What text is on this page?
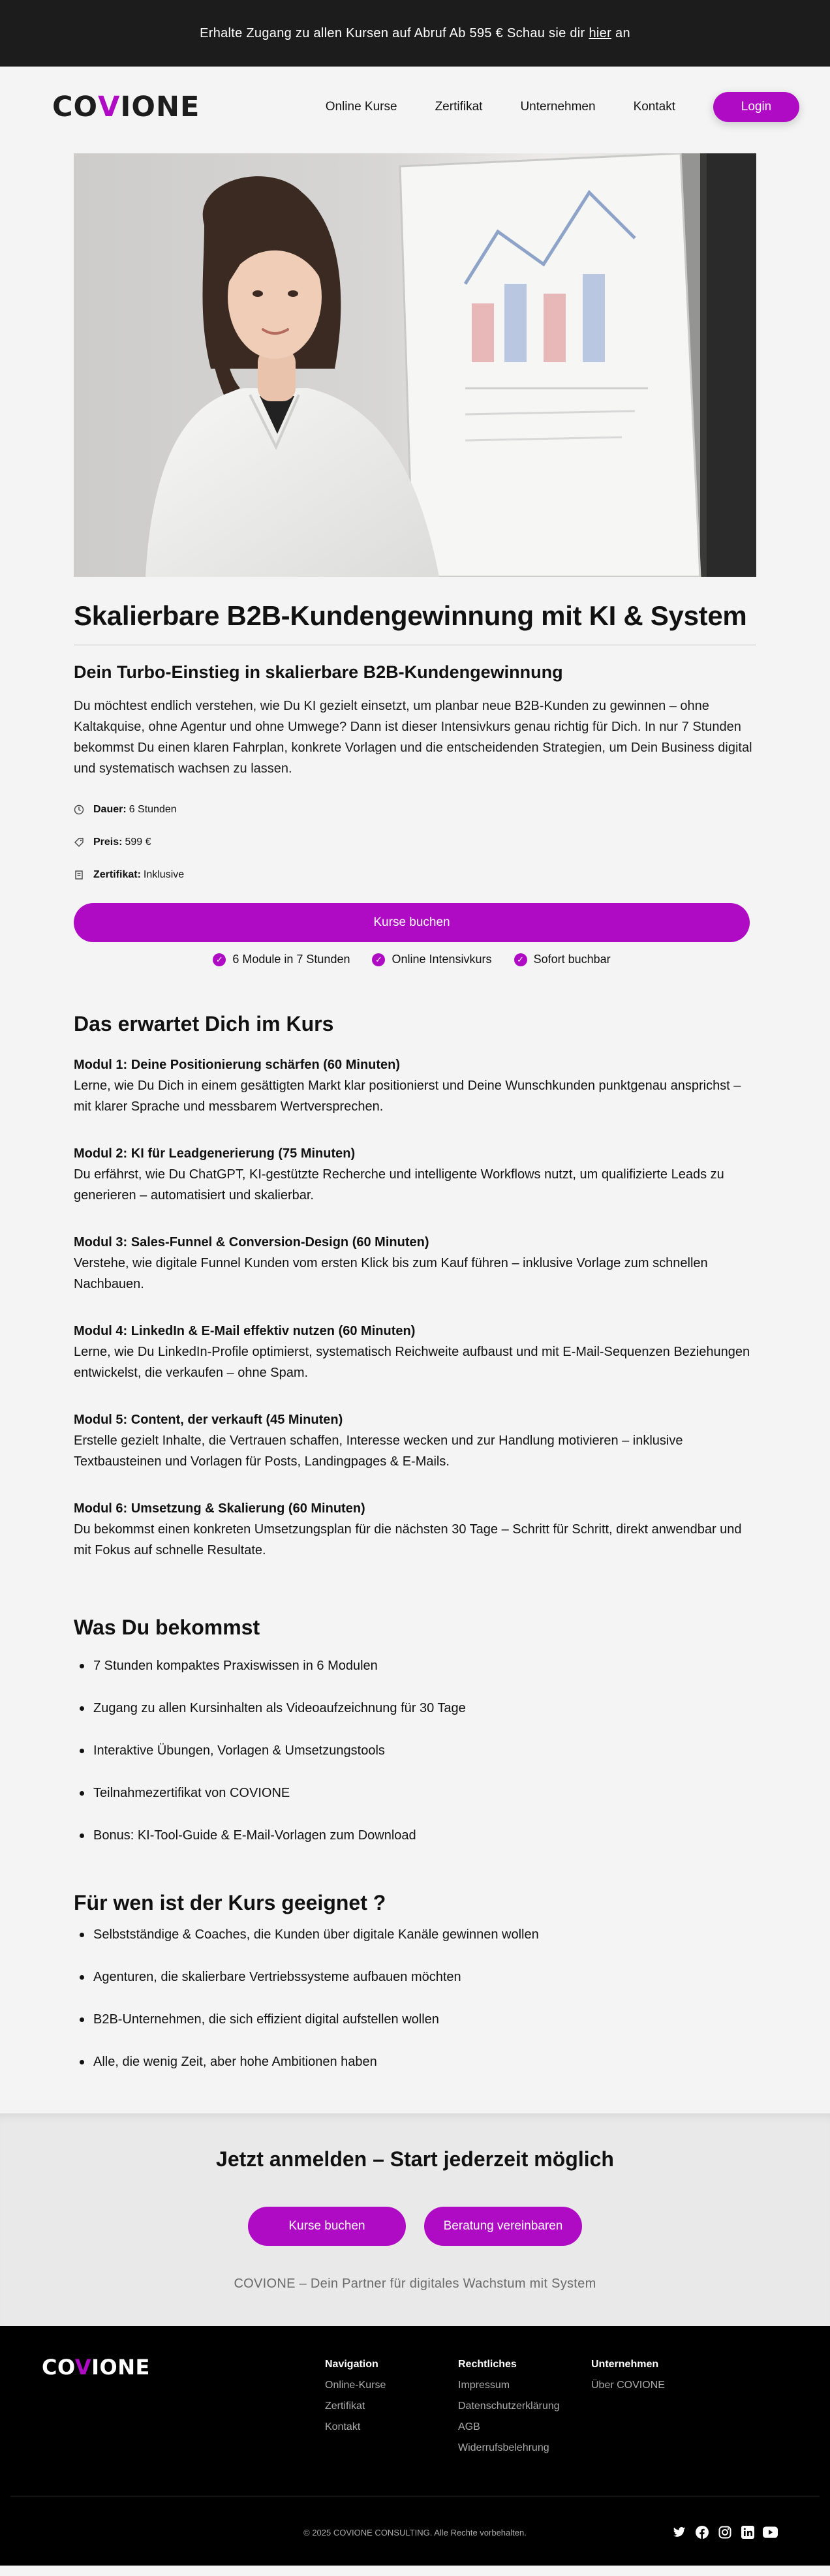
Erhalte Zugang zu allen Kursen auf Abruf Ab 595 € Schau sie dir hier an
CO V IONE	Online Kurse	Zertifikat	Unternehmen	Kontakt	Login
Skalierbare B2B-Kundengewinnung mit KI & System
Dein Turbo-Einstieg in skalierbare B2B-Kundengewinnung

Du möchtest endlich verstehen, wie Du KI gezielt einsetzt, um planbar neue B2B-Kunden zu gewinnen – ohne Kaltakquise, ohne Agentur und ohne Umwege? Dann ist dieser Intensivkurs genau richtig für Dich. In nur 7 Stunden bekommst Du einen klaren Fahrplan, konkrete Vorlagen und die entscheidenden Strategien, um Dein Business digital und systematisch wachsen zu lassen.

Dauer: 6 Stunden
Preis: 599 €
Zertifikat: Inklusive
Kurse buchen
✓ 6 Module in 7 Stunden	✓ Online Intensivkurs	✓ Sofort buchbar
Das erwartet Dich im Kurs
Modul 1: Deine Positionierung schärfen (60 Minuten)
Lerne, wie Du Dich in einem gesättigten Markt klar positionierst und Deine Wunschkunden punktgenau ansprichst – mit klarer Sprache und messbarem Wertversprechen.
Modul 2: KI für Leadgenerierung (75 Minuten)
Du erfährst, wie Du ChatGPT, KI-gestützte Recherche und intelligente Workflows nutzt, um qualifizierte Leads zu generieren – automatisiert und skalierbar.
Modul 3: Sales-Funnel & Conversion-Design (60 Minuten)
Verstehe, wie digitale Funnel Kunden vom ersten Klick bis zum Kauf führen – inklusive Vorlage zum schnellen Nachbauen.
Modul 4: LinkedIn & E-Mail effektiv nutzen (60 Minuten)
Lerne, wie Du LinkedIn-Profile optimierst, systematisch Reichweite aufbaust und mit E-Mail-Sequenzen Beziehungen entwickelst, die verkaufen – ohne Spam.
Modul 5: Content, der verkauft (45 Minuten)
Erstelle gezielt Inhalte, die Vertrauen schaffen, Interesse wecken und zur Handlung motivieren – inklusive Textbausteinen und Vorlagen für Posts, Landingpages & E-Mails.
Modul 6: Umsetzung & Skalierung (60 Minuten)
Du bekommst einen konkreten Umsetzungsplan für die nächsten 30 Tage – Schritt für Schritt, direkt anwendbar und mit Fokus auf schnelle Resultate.
Was Du bekommst
7 Stunden kompaktes Praxiswissen in 6 Modulen
Zugang zu allen Kursinhalten als Videoaufzeichnung für 30 Tage
Interaktive Übungen, Vorlagen & Umsetzungstools
Teilnahmezertifikat von COVIONE
Bonus: KI-Tool-Guide & E-Mail-Vorlagen zum Download
Für wen ist der Kurs geeignet ?
Selbstständige & Coaches, die Kunden über digitale Kanäle gewinnen wollen
Agenturen, die skalierbare Vertriebssysteme aufbauen möchten
B2B-Unternehmen, die sich effizient digital aufstellen wollen
Alle, die wenig Zeit, aber hohe Ambitionen haben
Jetzt anmelden – Start jederzeit möglich
Kurse buchen	Beratung vereinbaren

COVIONE – Dein Partner für digitales Wachstum mit System

COVIONE	Navigation
Online-Kurse
Zertifikat
Kontakt
Rechtliches
Impressum
Datenschutzerklärung
AGB
Widerrufsbelehrung
Unternehmen
Über COVIONE
© 2025 COVIONE CONSULTING. Alle Rechte vorbehalten.
